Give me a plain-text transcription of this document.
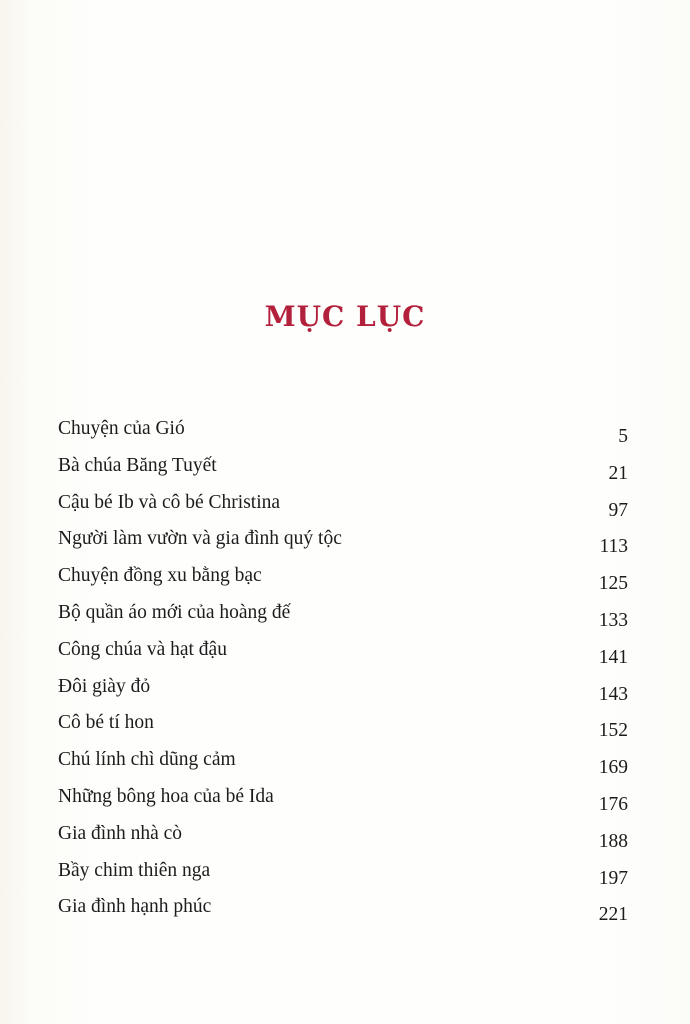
MỤC LỤC
Chuyện của Gió	5
Bà chúa Băng Tuyết	21
Cậu bé Ib và cô bé Christina	97
Người làm vườn và gia đình quý tộc	113
Chuyện đồng xu bằng bạc	125
Bộ quần áo mới của hoàng đế	133
Công chúa và hạt đậu	141
Đôi giày đỏ	143
Cô bé tí hon	152
Chú lính chì dũng cảm	169
Những bông hoa của bé Ida	176
Gia đình nhà cò	188
Bầy chim thiên nga	197
Gia đình hạnh phúc	221
